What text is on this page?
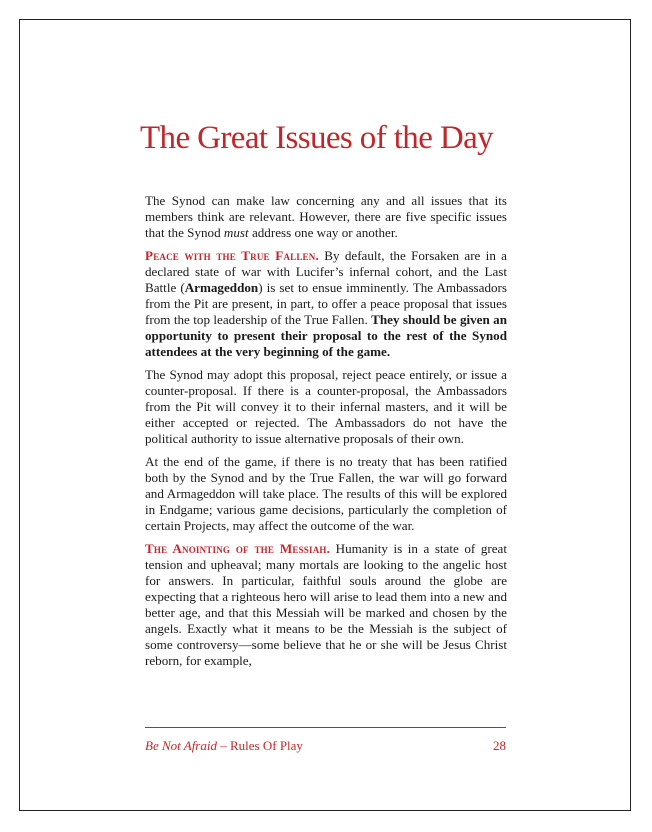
The Great Issues of the Day

The Synod can make law concerning any and all issues that its members think are relevant. However, there are five specific issues that the Synod must address one way or another.

Peace with the True Fallen. By default, the Forsaken are in a declared state of war with Lucifer’s infernal cohort, and the Last Battle (Armageddon) is set to ensue imminently. The Ambassadors from the Pit are present, in part, to offer a peace proposal that issues from the top leadership of the True Fallen. They should be given an opportunity to present their proposal to the rest of the Synod attendees at the very beginning of the game.

The Synod may adopt this proposal, reject peace entirely, or issue a counter-proposal. If there is a counter-proposal, the Ambassadors from the Pit will convey it to their infernal masters, and it will be either accepted or rejected. The Ambassadors do not have the political authority to issue alternative proposals of their own.

At the end of the game, if there is no treaty that has been ratified both by the Synod and by the True Fallen, the war will go forward and Armageddon will take place. The results of this will be explored in Endgame; various game decisions, particularly the completion of certain Projects, may affect the outcome of the war.

The Anointing of the Messiah. Humanity is in a state of great tension and upheaval; many mortals are looking to the angelic host for answers. In particular, faithful souls around the globe are expecting that a righteous hero will arise to lead them into a new and better age, and that this Messiah will be marked and chosen by the angels. Exactly what it means to be the Messiah is the subject of some controversy—some believe that he or she will be Jesus Christ reborn, for example,

Be Not Afraid – Rules Of Play	28
